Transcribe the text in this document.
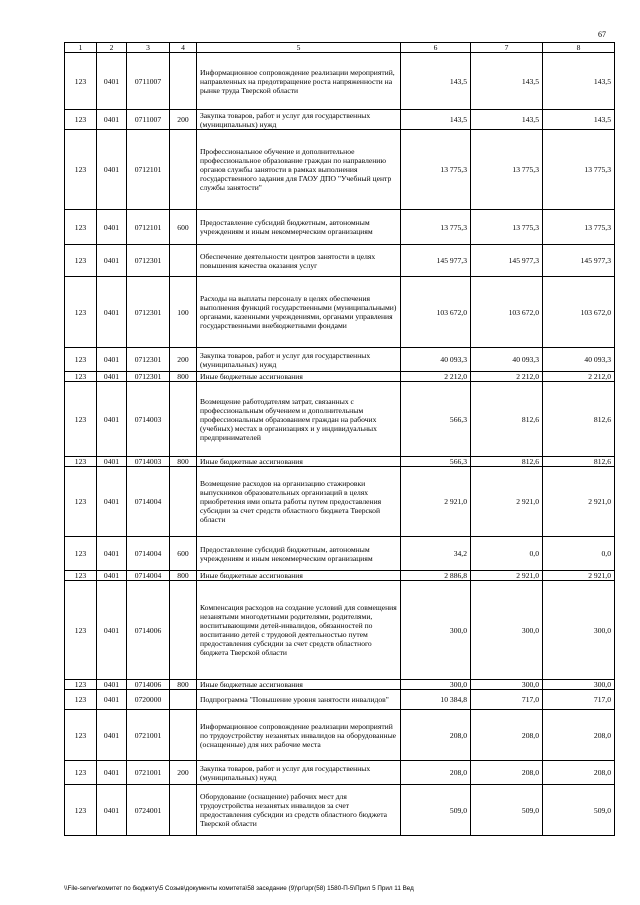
67
1	2	3	4	5	6	7	8
123	0401	0711007		Информационное сопровождение реализации мероприятий, направленных на предотвращение роста напряженности на рынке труда Тверской области	143,5	143,5	143,5
123	0401	0711007	200	Закупка товаров, работ и услуг для государственных (муниципальных) нужд	143,5	143,5	143,5
123	0401	0712101		Профессиональное обучение и дополнительное профессиональное образование граждан по направлению органов службы занятости в рамках выполнения государственного задания для ГАОУ ДПО "Учебный центр службы занятости"	13 775,3	13 775,3	13 775,3
123	0401	0712101	600	Предоставление субсидий бюджетным, автономным учреждениям и иным некоммерческим организациям	13 775,3	13 775,3	13 775,3
123	0401	0712301		Обеспечение деятельности центров занятости в целях повышения качества оказания услуг	145 977,3	145 977,3	145 977,3
123	0401	0712301	100	Расходы на выплаты персоналу в целях обеспечения выполнения функций государственными (муниципальными) органами, казенными учреждениями, органами управления государственными внебюджетными фондами	103 672,0	103 672,0	103 672,0
123	0401	0712301	200	Закупка товаров, работ и услуг для государственных (муниципальных) нужд	40 093,3	40 093,3	40 093,3
123	0401	0712301	800	Иные бюджетные ассигнования	2 212,0	2 212,0	2 212,0
123	0401	0714003		Возмещение работодателям затрат, связанных с профессиональным обучением и дополнительным профессиональным образованием граждан на рабочих (учебных) местах в организациях и у индивидуальных предпринимателей	566,3	812,6	812,6
123	0401	0714003	800	Иные бюджетные ассигнования	566,3	812,6	812,6
123	0401	0714004		Возмещение расходов на организацию стажировки выпускников образовательных организаций в целях приобретения ими опыта работы путем предоставления субсидии за счет средств областного бюджета Тверской области	2 921,0	2 921,0	2 921,0
123	0401	0714004	600	Предоставление субсидий бюджетным, автономным учреждениям и иным некоммерческим организациям	34,2	0,0	0,0
123	0401	0714004	800	Иные бюджетные ассигнования	2 886,8	2 921,0	2 921,0
123	0401	0714006		Компенсация расходов на создание условий для совмещения незанятыми многодетными родителями, родителями, воспитывающими детей-инвалидов, обязанностей по воспитанию детей с трудовой деятельностью путем предоставления субсидии за счет средств областного бюджета Тверской области	300,0	300,0	300,0
123	0401	0714006	800	Иные бюджетные ассигнования	300,0	300,0	300,0
123	0401	0720000		Подпрограмма "Повышение уровня занятости инвалидов"	10 384,8	717,0	717,0
123	0401	0721001		Информационное сопровождение реализации мероприятий по трудоустройству незанятых инвалидов на оборудованные (оснащенные) для них рабочие места	208,0	208,0	208,0
123	0401	0721001	200	Закупка товаров, работ и услуг для государственных (муниципальных) нужд	208,0	208,0	208,0
123	0401	0724001		Оборудование (оснащение) рабочих мест для трудоустройства незанятых инвалидов за счет предоставления субсидии из средств областного бюджета Тверской области	509,0	509,0	509,0
\\File-server\комитет по бюджету\5 Созыв\документы комитета\58 заседание (9)\рг\зрг(58) 1580-П-5\Прил 5 Прил 11 Вед
